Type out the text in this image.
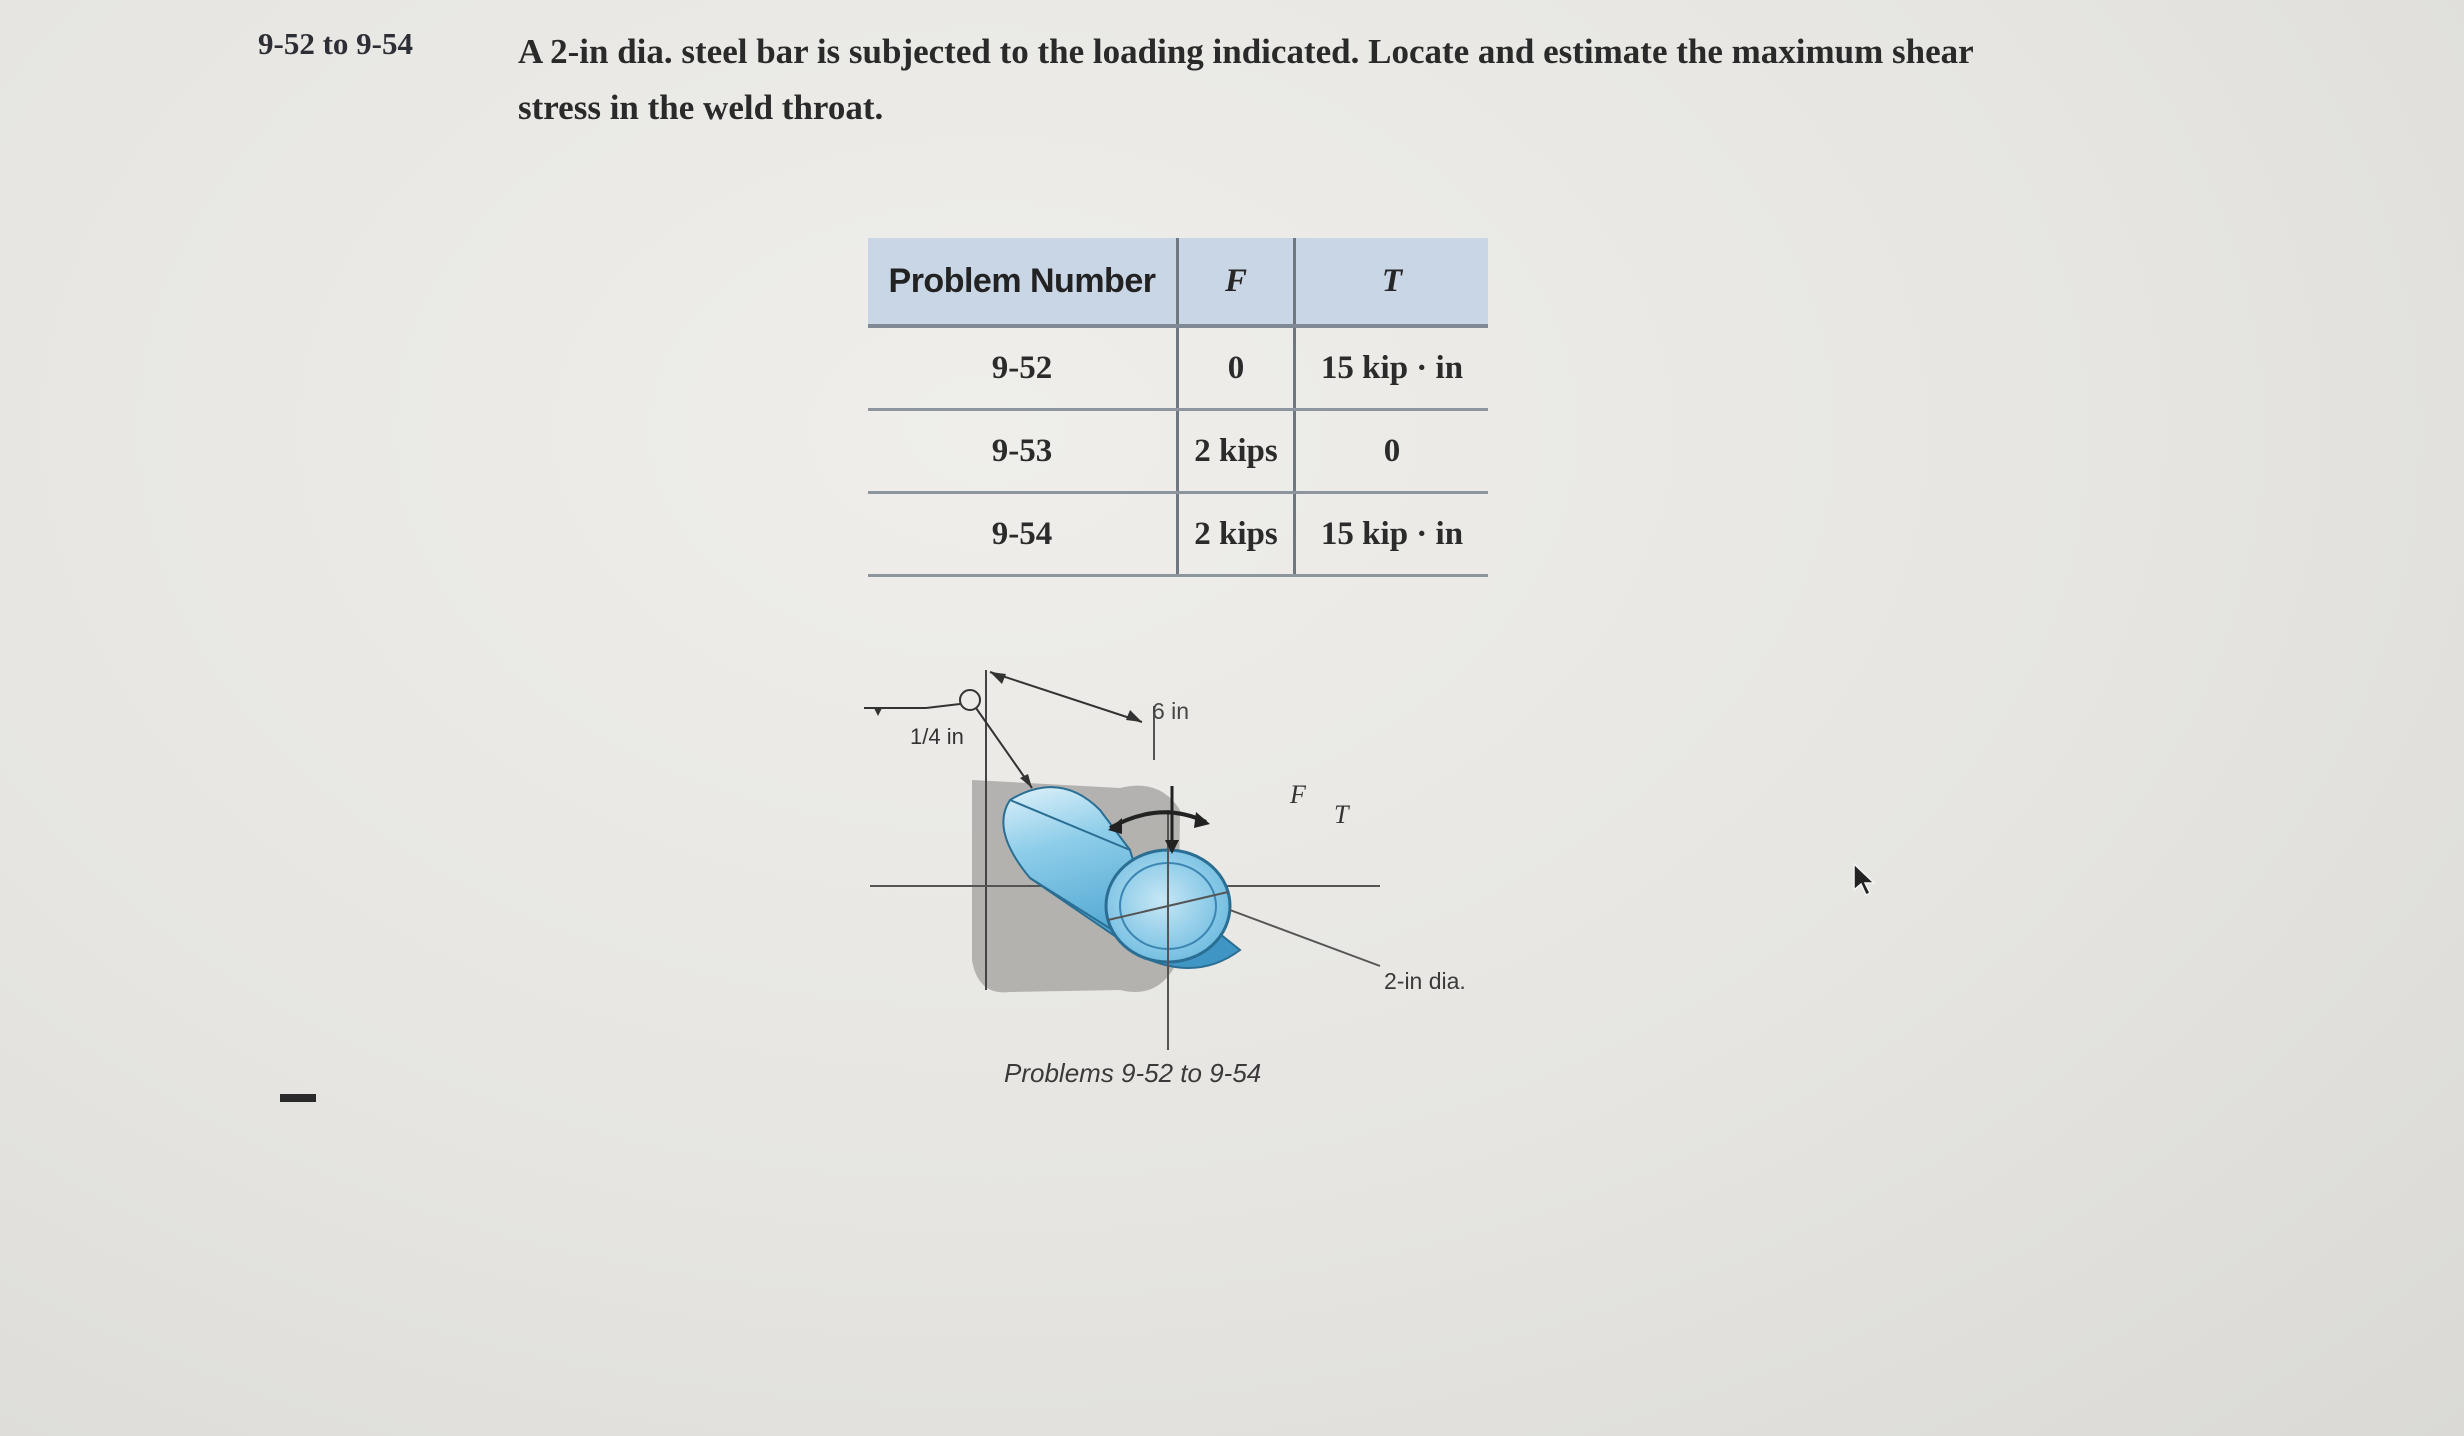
9-52 to 9-54	A 2-in dia. steel bar is subjected to the loading indicated. Locate and estimate the maximum shear stress in the weld throat.

Problem Number	F	T
9-52	0	15 kip · in
9-53	2 kips	0
9-54	2 kips	15 kip · in
6 in
1/4 in
F
T
2-in dia.
Problems 9-52 to 9-54
